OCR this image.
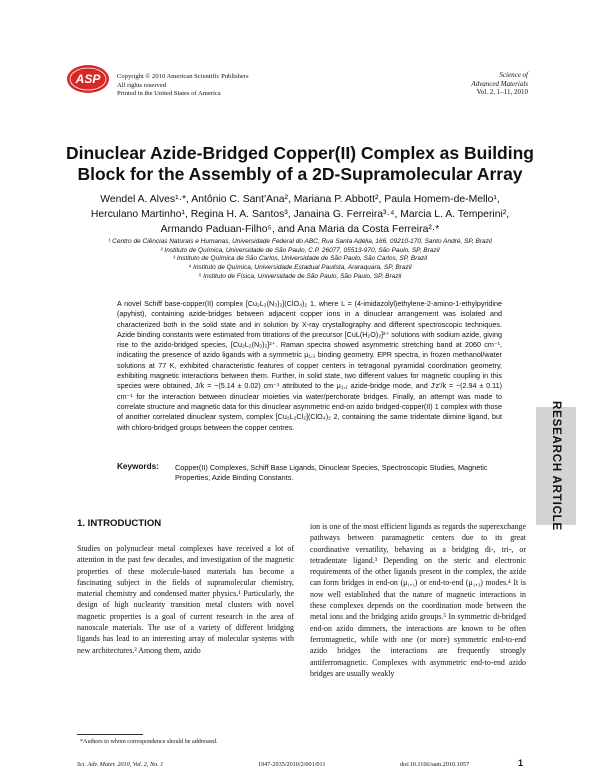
ASP	Copyright © 2010 American Scientific Publishers
All rights reserved
Printed in the United States of America
Science of
Advanced Materials
Vol. 2, 1–11, 2010
Dinuclear Azide-Bridged Copper(II) Complex as Building Block for the Assembly of a 2D-Supramolecular Array
Wendel A. Alves¹·*, Antônio C. Sant'Ana², Mariana P. Abbott², Paula Homem-de-Mello¹,
Herculano Martinho¹, Regina H. A. Santos³, Janaina G. Ferreira³·⁴, Marcia L. A. Temperini²,
Armando Paduan-Filho⁵, and Ana Maria da Costa Ferreira²·*
¹ Centro de Ciências Naturais e Humanas, Universidade Federal do ABC, Rua Santa Adélia, 166, 09210-170, Santo André, SP, Brazil
² Instituto de Química, Universidade de São Paulo, C.P. 26077, 05513-970, São Paulo, SP, Brazil
³ Instituto de Química de São Carlos, Universidade de São Paulo, São Carlos, SP, Brazil
⁴ Instituto de Química, Universidade Estadual Paulista, Araraquara, SP, Brazil
⁵ Instituto de Física, Universidade de São Paulo, São Paulo, SP, Brazil

A novel Schiff base-copper(II) complex [Cu₂L₂(N₃)₂](ClO₄)₂ 1, where L = (4-imidazolyl)ethylene-2-amino-1-ethylpyridine (apyhist), containing azide-bridges between adjacent copper ions in a dinuclear arrangement was isolated and characterized both in the solid state and in solution by X-ray crystallography and different spectroscopic techniques. Azide binding constants were estimated from titrations of the precursor [CuL(H₂O)₂]²⁺ solutions with sodium azide, giving rise to the azido-bridged species, [Cu₂L₂(N₃)₂]²⁺. Raman spectra showed asymmetric stretching band at 2060 cm⁻¹, indicating the presence of azido ligands with a symmetric μ₁,₁ binding geometry. EPR spectra, in frozen methanol/water solutions at 77 K, exhibited characteristic features of copper centers in tetragonal pyramidal coordination geometry, exhibiting magnetic interactions between them. Further, in solid state, two different values for magnetic coupling in this species were obtained, J/k = −(5.14 ± 0.02) cm⁻¹ attributed to the μ₁,₁ azide-bridge mode, and J′z′/k = −(2.94 ± 0.11) cm⁻¹ for the interaction between dinuclear moieties via water/perchorate bridges. Finally, an attempt was made to correlate structure and magnetic data for this dinuclear asymmetric end-on azido bridged-copper(II) 1 complex with those of another correlated dinuclear system, complex [Cu₂L₂Cl₂](ClO₄)₂ 2, containing the same tridentate diimine ligand, but with chloro-bridged groups between the copper centres.

Keywords: Copper(II) Complexes, Schiff Base Ligands, Dinuclear Species, Spectroscopic Studies, Magnetic Properties, Azide Binding Constants.	RESEARCH ARTICLE
1. INTRODUCTION

Studies on polynuclear metal complexes have received a lot of attention in the past few decades, and investigation of the magnetic properties of these molecule-based materials has become a fascinating subject in the fields of supramolecular chemistry, material chemistry and condensed matter physics.¹ Particularly, the design of high nuclearity transition metal clusters with novel magnetic properties is a goal of current research in the area of nanoscale materials. The use of a variety of different bridging ligands has lead to an interesting array of molecular systems with new architectures.² Among them, azido

ion is one of the most efficient ligands as regards the superexchange pathways between paramagnetic centers due to its great coordinative versatility, behaving as a bridging di-, tri-, or tetradentate ligand.³ Depending on the steric and electronic requirements of the other ligands present in the complex, the azide can form bridges in end-on (μ₁,₁) or end-to-end (μ₁,₃) modes.⁴ It is now well established that the nature of magnetic interactions in these complexes depends on the coordination mode between the metal ions and the bridging azido groups.⁵ In symmetric di-bridged end-on azido dimmers, the interactions are known to be often ferromagnetic, while with one (or more) symmetric end-to-end azido bridges the interactions are frequently strongly antiferromagnetic. Complexes with asymmetric end-to-end azido bridges are usually weakly

*Authors to whom correspondence should be addressed.
Sci. Adv. Mater. 2010, Vol. 2, No. 1	1947-2935/2010/2/001/011	doi:10.1166/sam.2010.1057	1
